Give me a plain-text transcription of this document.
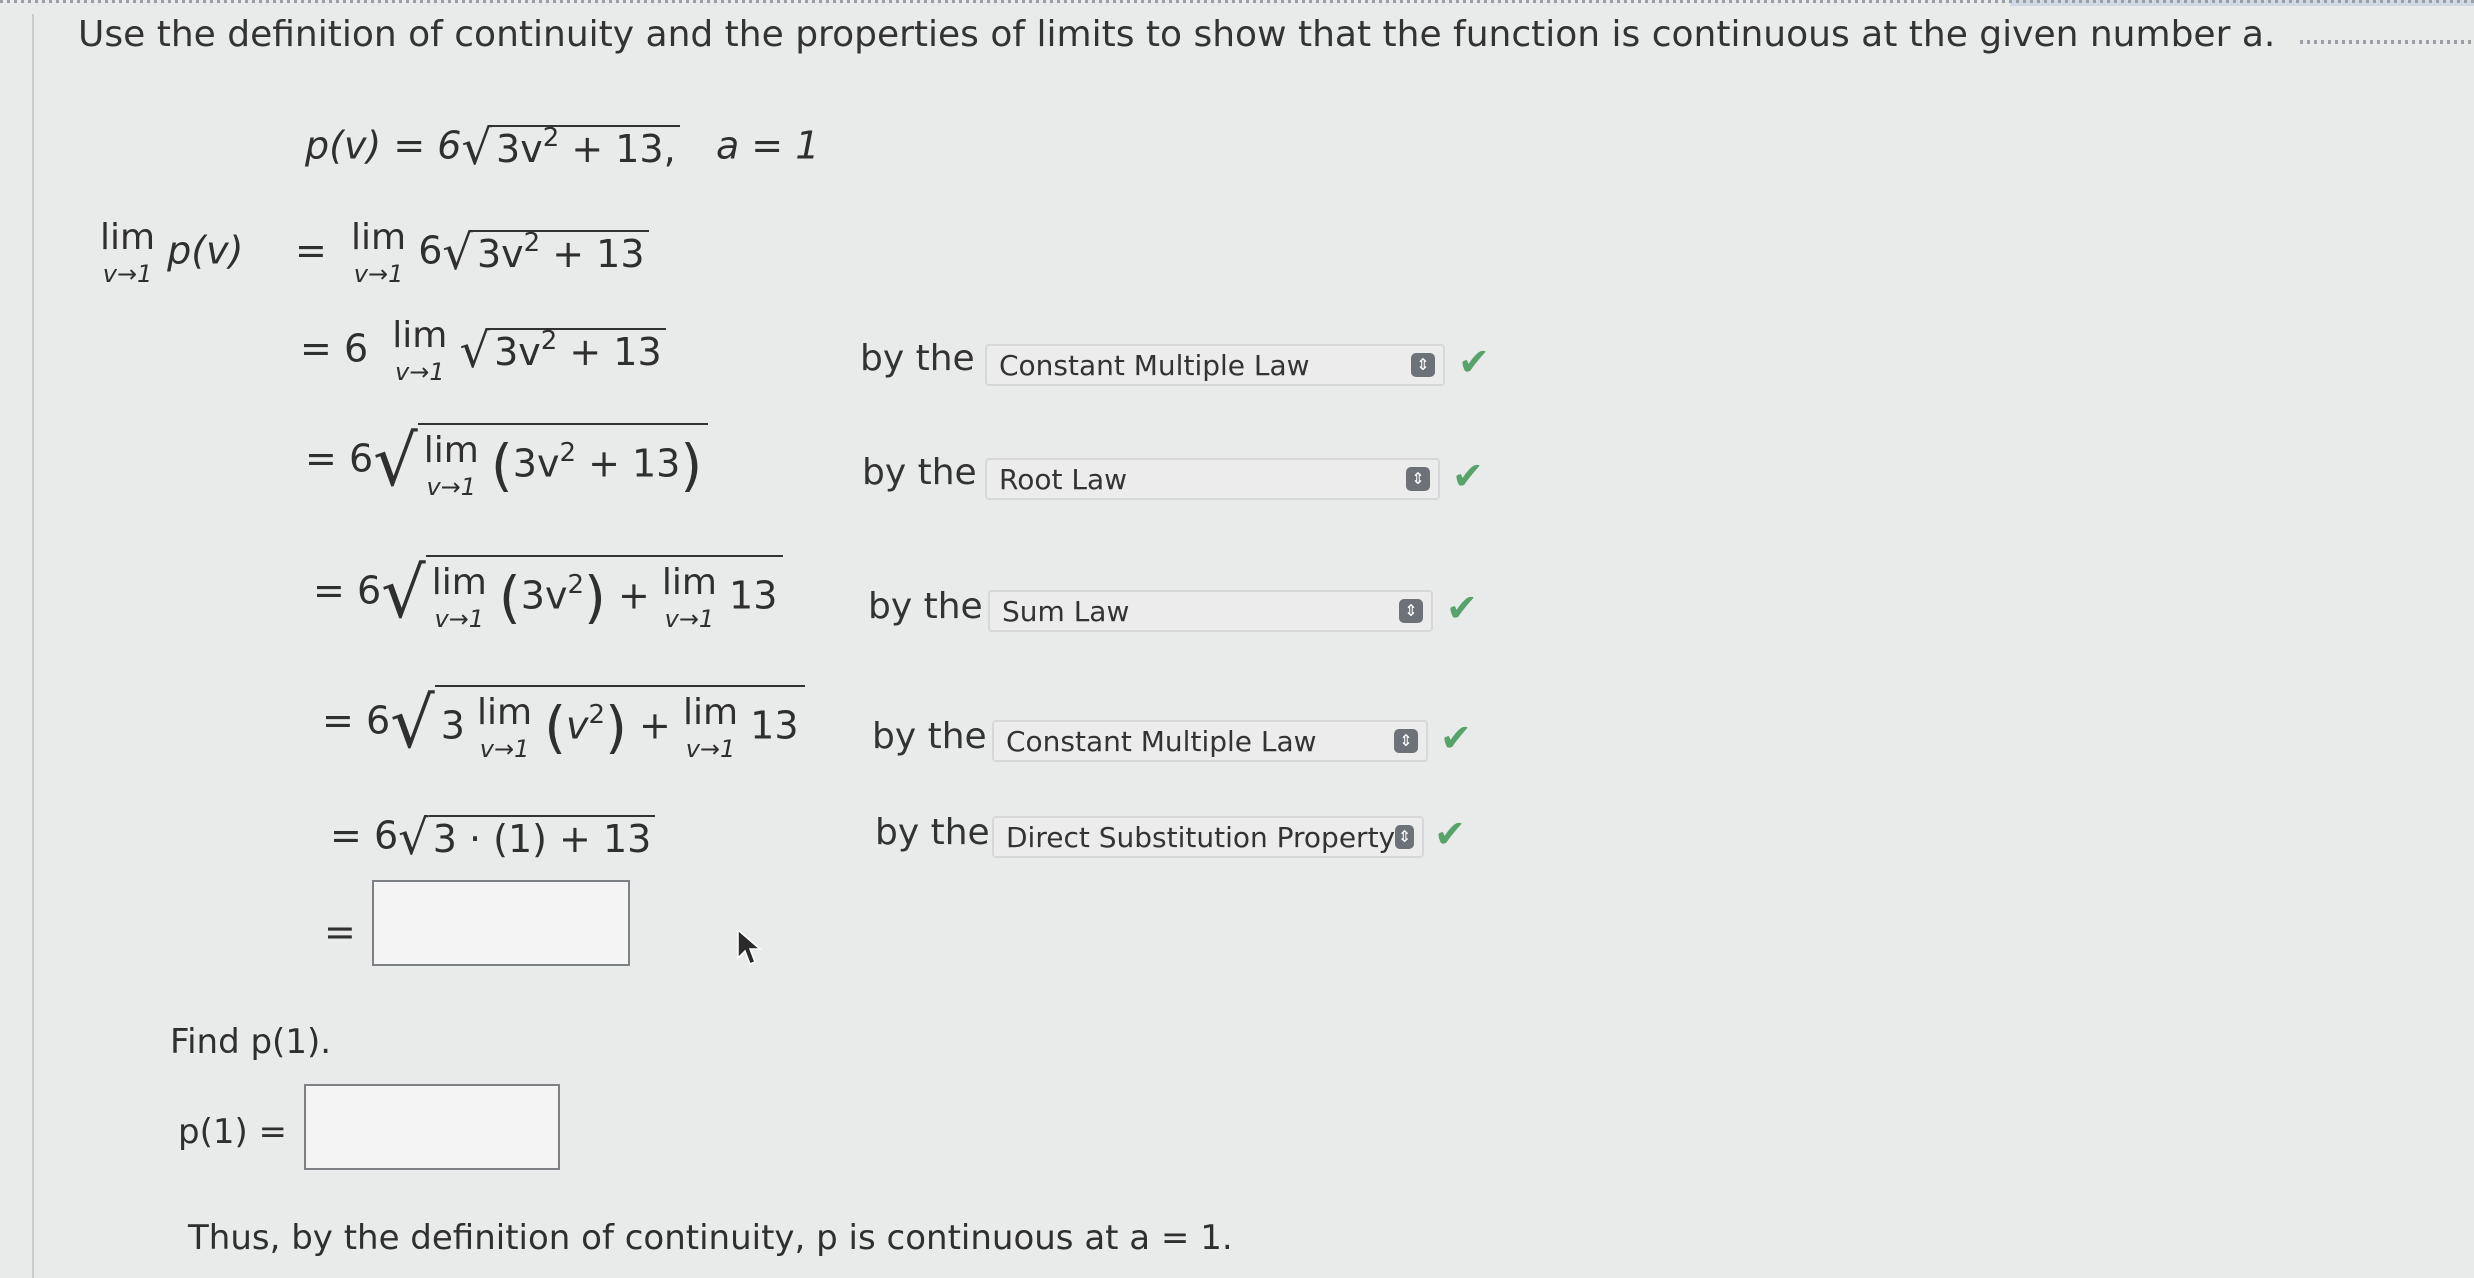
Use the definition of continuity and the properties of limits to show that the function is continuous at the given number a.
p(v) = 6√ $3v^2 + 13$, a = 1
lim
v→1
p(v) = lim
v→1
6√ $3v^2 + 13$
= 6 lim
v→1 √ $3v^2 + 13$	by the Constant Multiple Law	⇕ ✔
= 6√ lim
v→1 $(3v^2 + 13)$	by the Root Law	⇕ ✔
= 6√ lim
v→1 $(3v^2) + \lim$
v→1
13	by the Sum Law	⇕ ✔
= 6√ 3 lim
v→1 $(v^2) + \lim$
v→1
13 by the Constant Multiple Law	⇕ ✔
= 6√ 3 · (1) + 13	by the Direct Substitution Property ⇕ ✔
=
Find p(1).
p(1) =
Thus, by the definition of continuity, p is continuous at a = 1.
